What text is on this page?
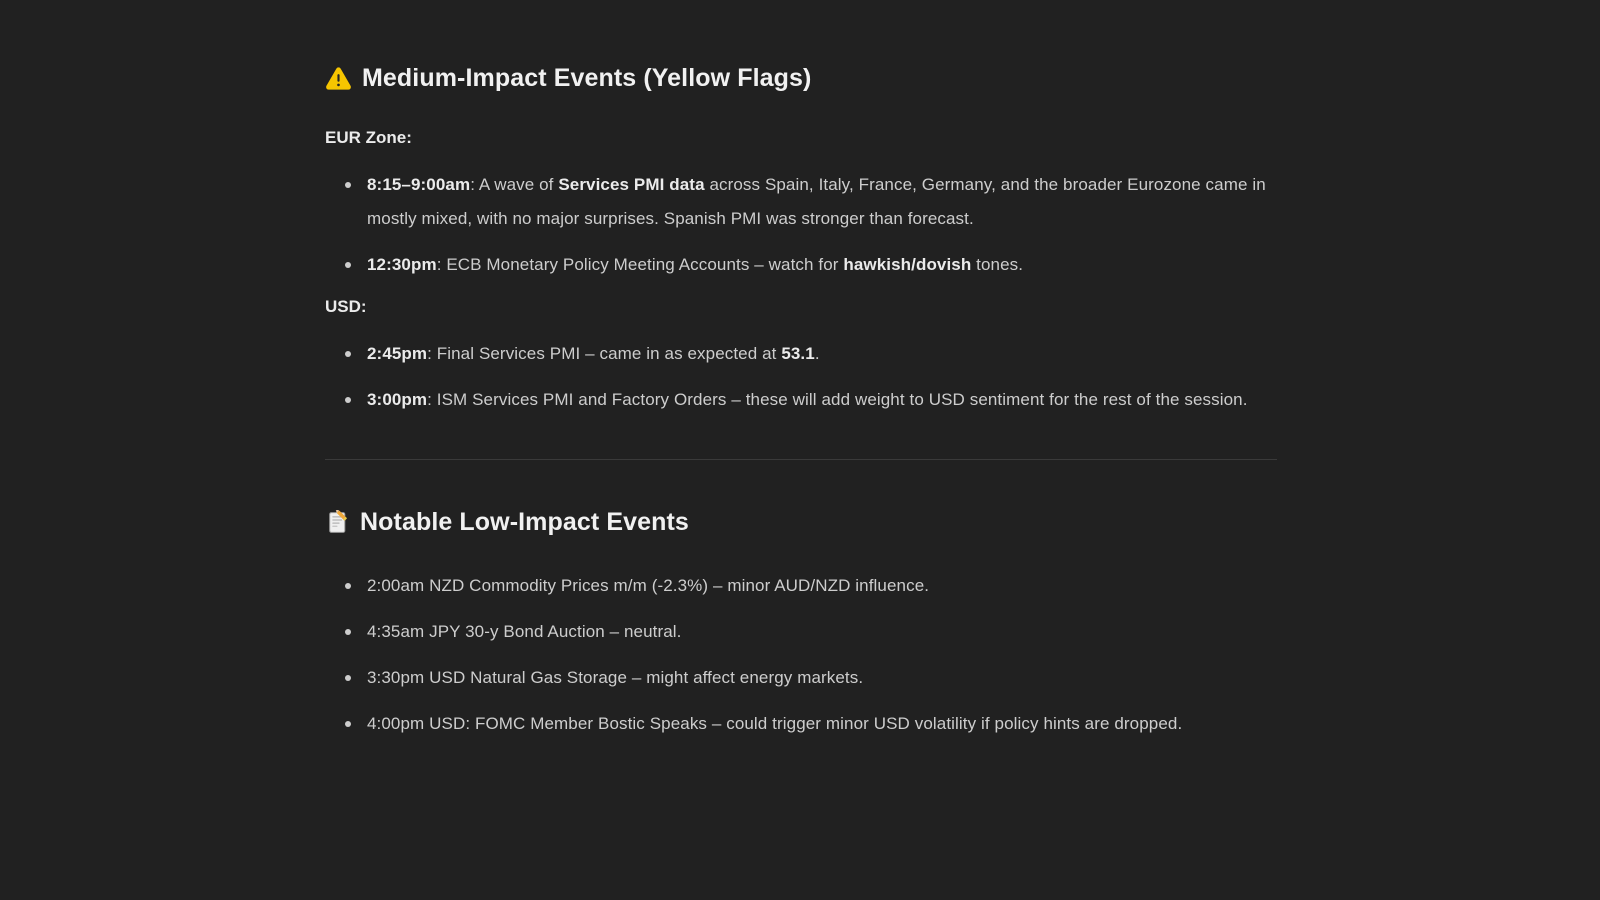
Medium-Impact Events (Yellow Flags)

EUR Zone:

8:15–9:00am: A wave of Services PMI data across Spain, Italy, France, Germany, and the broader Eurozone came in mostly mixed, with no major surprises. Spanish PMI was stronger than forecast.
12:30pm: ECB Monetary Policy Meeting Accounts – watch for hawkish/dovish tones.

USD:

2:45pm: Final Services PMI – came in as expected at 53.1.
3:00pm: ISM Services PMI and Factory Orders – these will add weight to USD sentiment for the rest of the session.
Notable Low-Impact Events
2:00am NZD Commodity Prices m/m (-2.3%) – minor AUD/NZD influence.
4:35am JPY 30-y Bond Auction – neutral.
3:30pm USD Natural Gas Storage – might affect energy markets.
4:00pm USD: FOMC Member Bostic Speaks – could trigger minor USD volatility if policy hints are dropped.
